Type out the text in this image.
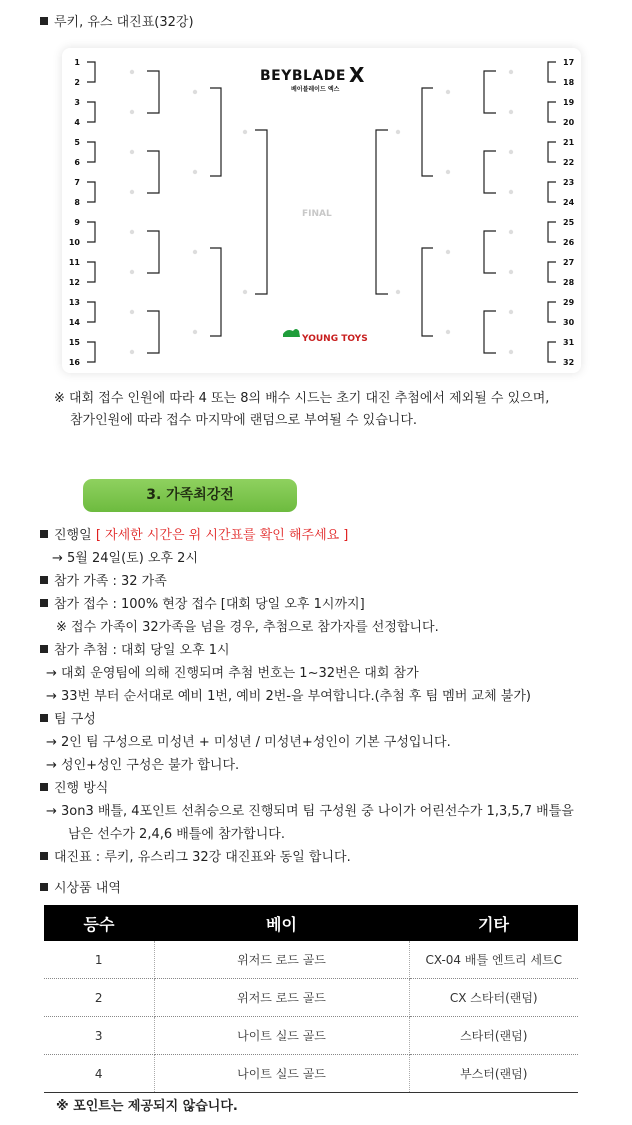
루키, 유스 대진표(32강)
1
2
3
4
5
6
7
8
9
10
11
12
13
14
15
16
17
18
19
20
21
22
23
24
25
26
27
28
29
30
31
32
BEYBLADE X
베이블레이드 엑스
FINAL
YOUNG TOYS
※ 대회 접수 인원에 따라 4 또는 8의 배수 시드는 초기 대진 추첨에서 제외될 수 있으며,
참가인원에 따라 접수 마지막에 랜덤으로 부여될 수 있습니다.
3. 가족최강전
진행일 [ 자세한 시간은 위 시간표를 확인 해주세요 ]
→ 5월 24일(토) 오후 2시
참가 가족 : 32 가족
참가 접수 : 100% 현장 접수 [대회 당일 오후 1시까지]
※ 접수 가족이 32가족을 넘을 경우, 추첨으로 참가자를 선정합니다.
참가 추첨 : 대회 당일 오후 1시
→ 대회 운영팀에 의해 진행되며 추첨 번호는 1~32번은 대회 참가
→ 33번 부터 순서대로 예비 1번, 예비 2번-을 부여합니다.(추첨 후 팀 멤버 교체 불가)
팀 구성
→ 2인 팀 구성으로 미성년 + 미성년 / 미성년+성인이 기본 구성입니다.
→ 성인+성인 구성은 불가 합니다.
진행 방식
→ 3on3 배틀, 4포인트 선취승으로 진행되며 팀 구성원 중 나이가 어린선수가 1,3,5,7 배틀을
남은 선수가 2,4,6 배틀에 참가합니다.
대진표 : 루키, 유스리그 32강 대진표와 동일 합니다.
시상품 내역
등수	베이	기타
1	위저드 로드 골드	CX-04 배틀 엔트리 세트C
2	위저드 로드 골드	CX 스타터(랜덤)
3	나이트 실드 골드	스타터(랜덤)
4	나이트 실드 골드	부스터(랜덤)
※ 포인트는 제공되지 않습니다.
